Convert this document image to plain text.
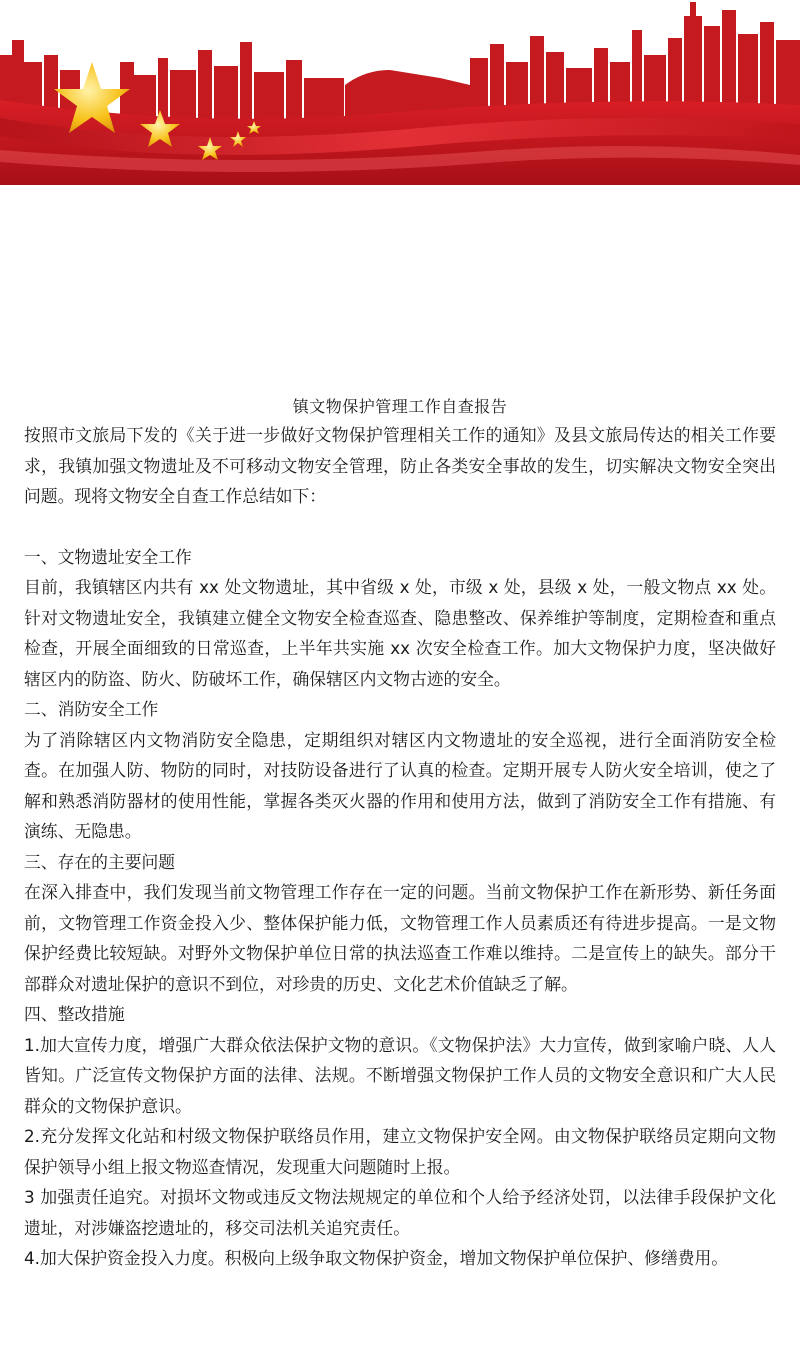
镇文物保护管理工作自查报告

按照市文旅局下发的《关于进一步做好文物保护管理相关工作的通知》及县文旅局传达的相关工作要求，我镇加强文物遗址及不可移动文物安全管理，防止各类安全事故的发生，切实解决文物安全突出问题。现将文物安全自查工作总结如下：

一、文物遗址安全工作

目前，我镇辖区内共有 xx 处文物遗址，其中省级 x 处，市级 x 处，县级 x 处，一般文物点 xx 处。针对文物遗址安全，我镇建立健全文物安全检查巡查、隐患整改、保养维护等制度，定期检查和重点检查，开展全面细致的日常巡查，上半年共实施 xx 次安全检查工作。加大文物保护力度，坚决做好辖区内的防盗、防火、防破坏工作，确保辖区内文物古迹的安全。

二、消防安全工作

为了消除辖区内文物消防安全隐患，定期组织对辖区内文物遗址的安全巡视，进行全面消防安全检查。在加强人防、物防的同时，对技防设备进行了认真的检查。定期开展专人防火安全培训，使之了解和熟悉消防器材的使用性能，掌握各类灭火器的作用和使用方法，做到了消防安全工作有措施、有演练、无隐患。

三、存在的主要问题

在深入排查中，我们发现当前文物管理工作存在一定的问题。当前文物保护工作在新形势、新任务面前，文物管理工作资金投入少、整体保护能力低，文物管理工作人员素质还有待进步提高。一是文物保护经费比较短缺。对野外文物保护单位日常的执法巡查工作难以维持。二是宣传上的缺失。部分干部群众对遗址保护的意识不到位，对珍贵的历史、文化艺术价值缺乏了解。

四、整改措施

1.加大宣传力度，增强广大群众依法保护文物的意识。《文物保护法》大力宣传，做到家喻户晓、人人皆知。广泛宣传文物保护方面的法律、法规。不断增强文物保护工作人员的文物安全意识和广大人民群众的文物保护意识。

2.充分发挥文化站和村级文物保护联络员作用，建立文物保护安全网。由文物保护联络员定期向文物保护领导小组上报文物巡查情况，发现重大问题随时上报。

3 加强责任追究。对损坏文物或违反文物法规规定的单位和个人给予经济处罚，以法律手段保护文化遗址，对涉嫌盗挖遗址的，移交司法机关追究责任。

4.加大保护资金投入力度。积极向上级争取文物保护资金，增加文物保护单位保护、修缮费用。
